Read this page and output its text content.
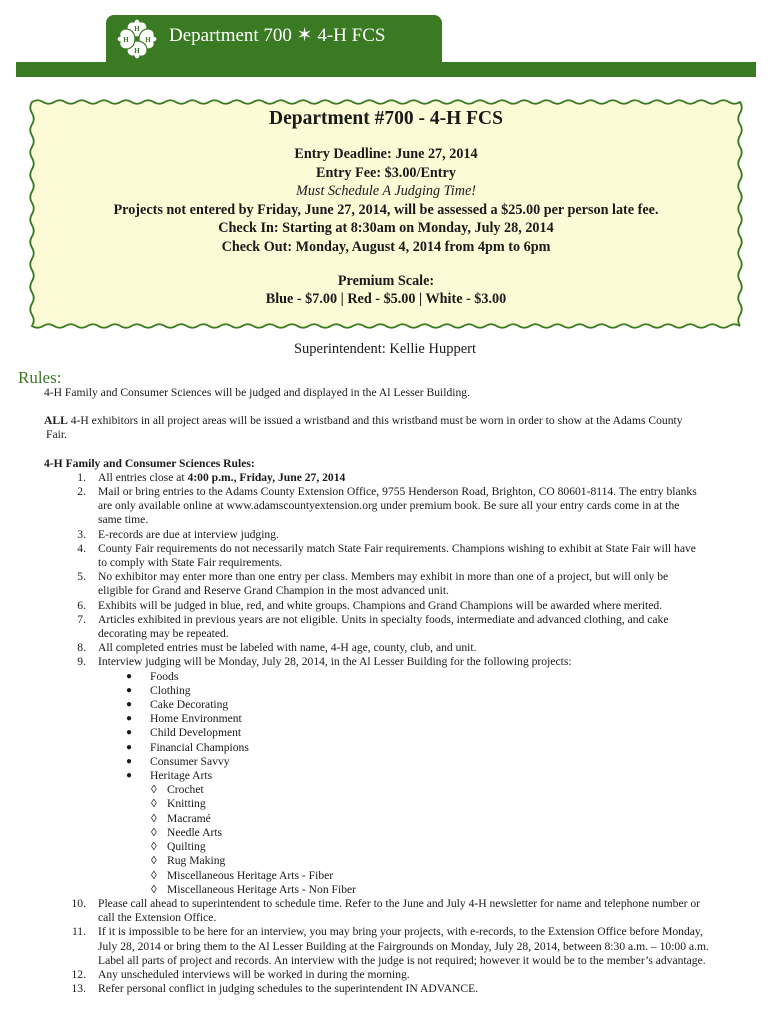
H
H
H
H Department 700 ✶ 4-H FCS
Department #700 - 4-H FCS
Entry Deadline: June 27, 2014
Entry Fee: $3.00/Entry
Must Schedule A Judging Time!
Projects not entered by Friday, June 27, 2014, will be assessed a $25.00 per person late fee.
Check In: Starting at 8:30am on Monday, July 28, 2014
Check Out: Monday, August 4, 2014 from 4pm to 6pm
Premium Scale:
Blue - $7.00 | Red - $5.00 | White - $3.00
Superintendent: Kellie Huppert
Rules:

4-H Family and Consumer Sciences will be judged and displayed in the Al Lesser Building.

ALL 4-H exhibitors in all project areas will be issued a wristband and this wristband must be worn in order to show at the Adams County

Fair.

4-H Family and Consumer Sciences Rules:

1. All entries close at 4:00 p.m., Friday, June 27, 2014
2. Mail or bring entries to the Adams County Extension Office, 9755 Henderson Road, Brighton, CO 80601-8114. The entry blanks
are only available online at www.adamscountyextension.org under premium book. Be sure all your entry cards come in at the
same time.
3. E-records are due at interview judging.
4. County Fair requirements do not necessarily match State Fair requirements. Champions wishing to exhibit at State Fair will have
to comply with State Fair requirements.
5. No exhibitor may enter more than one entry per class. Members may exhibit in more than one of a project, but will only be
eligible for Grand and Reserve Grand Champion in the most advanced unit.
6. Exhibits will be judged in blue, red, and white groups. Champions and Grand Champions will be awarded where merited.
7. Articles exhibited in previous years are not eligible. Units in specialty foods, intermediate and advanced clothing, and cake
decorating may be repeated.
8. All completed entries must be labeled with name, 4-H age, county, club, and unit.
9. Interview judging will be Monday, July 28, 2014, in the Al Lesser Building for the following projects:
● Foods
● Clothing
● Cake Decorating
● Home Environment
● Child Development
● Financial Champions
● Consumer Savvy
● Heritage Arts
◊ Crochet
◊ Knitting
◊ Macramé
◊ Needle Arts
◊ Quilting
◊ Rug Making
◊ Miscellaneous Heritage Arts - Fiber
◊ Miscellaneous Heritage Arts - Non Fiber
10. Please call ahead to superintendent to schedule time. Refer to the June and July 4-H newsletter for name and telephone number or
call the Extension Office.
11. If it is impossible to be here for an interview, you may bring your projects, with e-records, to the Extension Office before Monday,
July 28, 2014 or bring them to the Al Lesser Building at the Fairgrounds on Monday, July 28, 2014, between 8:30 a.m. – 10:00 a.m.
Label all parts of project and records. An interview with the judge is not required; however it would be to the member’s advantage.
12. Any unscheduled interviews will be worked in during the morning.
13. Refer personal conflict in judging schedules to the superintendent IN ADVANCE.
